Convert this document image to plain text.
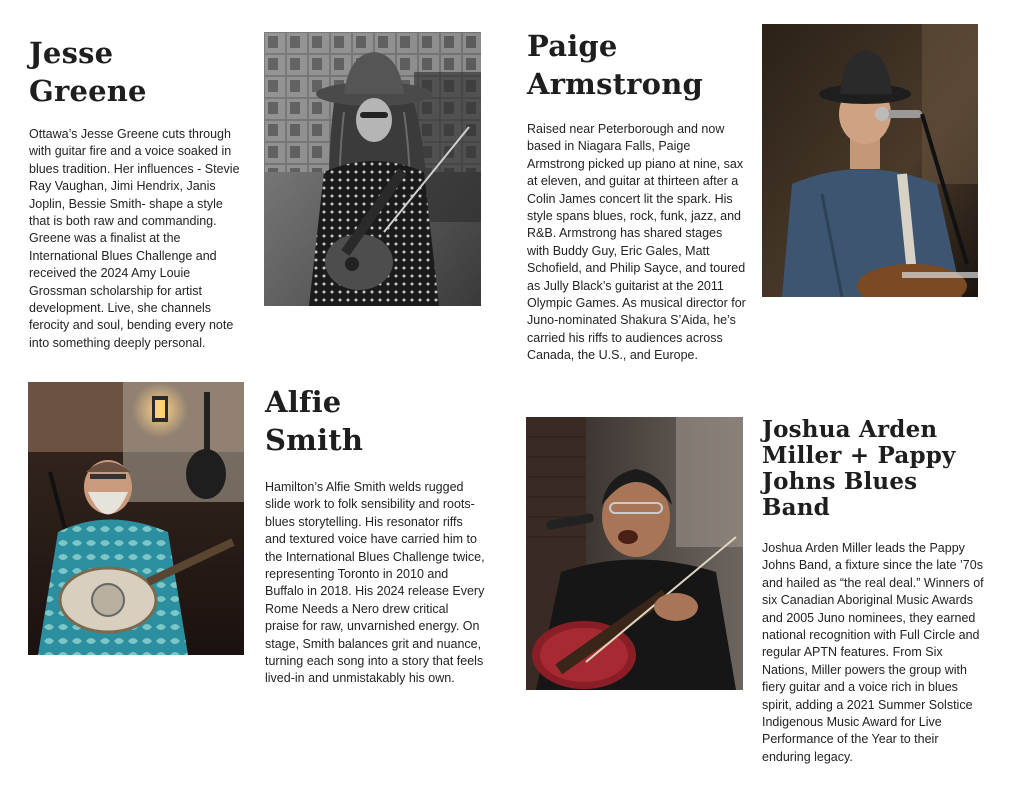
Jesse
Greene

Ottawa’s Jesse Greene cuts through with guitar fire and a voice soaked in blues tradition. Her influences - Stevie Ray Vaughan, Jimi Hendrix, Janis Joplin, Bessie Smith- shape a style that is both raw and commanding. Greene was a finalist at the International Blues Challenge and received the 2024 Amy Louie Grossman scholarship for artist development. Live, she channels ferocity and soul, bending every note into something deeply personal.

Paige
Armstrong

Raised near Peterborough and now based in Niagara Falls, Paige Armstrong picked up piano at nine, sax at eleven, and guitar at thirteen after a Colin James concert lit the spark. His style spans blues, rock, funk, jazz, and R&B. Armstrong has shared stages with Buddy Guy, Eric Gales, Matt Schofield, and Philip Sayce, and toured as Jully Black’s guitarist at the 2011 Olympic Games. As musical director for Juno-nominated Shakura S’Aida, he’s carried his riffs to audiences across Canada, the U.S., and Europe.

Alfie
Smith

Hamilton’s Alfie Smith welds rugged slide work to folk sensibility and roots-blues storytelling. His resonator riffs and textured voice have carried him to the International Blues Challenge twice, representing Toronto in 2010 and Buffalo in 2018. His 2024 release Every Rome Needs a Nero drew critical praise for raw, unvarnished energy. On stage, Smith balances grit and nuance, turning each song into a story that feels lived-in and unmistakably his own.

Joshua Arden
Miller + Pappy
Johns Blues Band

Joshua Arden Miller leads the Pappy Johns Band, a fixture since the late ’70s and hailed as “the real deal.” Winners of six Canadian Aboriginal Music Awards and 2005 Juno nominees, they earned national recognition with Full Circle and regular APTN features. From Six Nations, Miller powers the group with fiery guitar and a voice rich in blues spirit, adding a 2021 Summer Solstice Indigenous Music Award for Live Performance of the Year to their enduring legacy.
